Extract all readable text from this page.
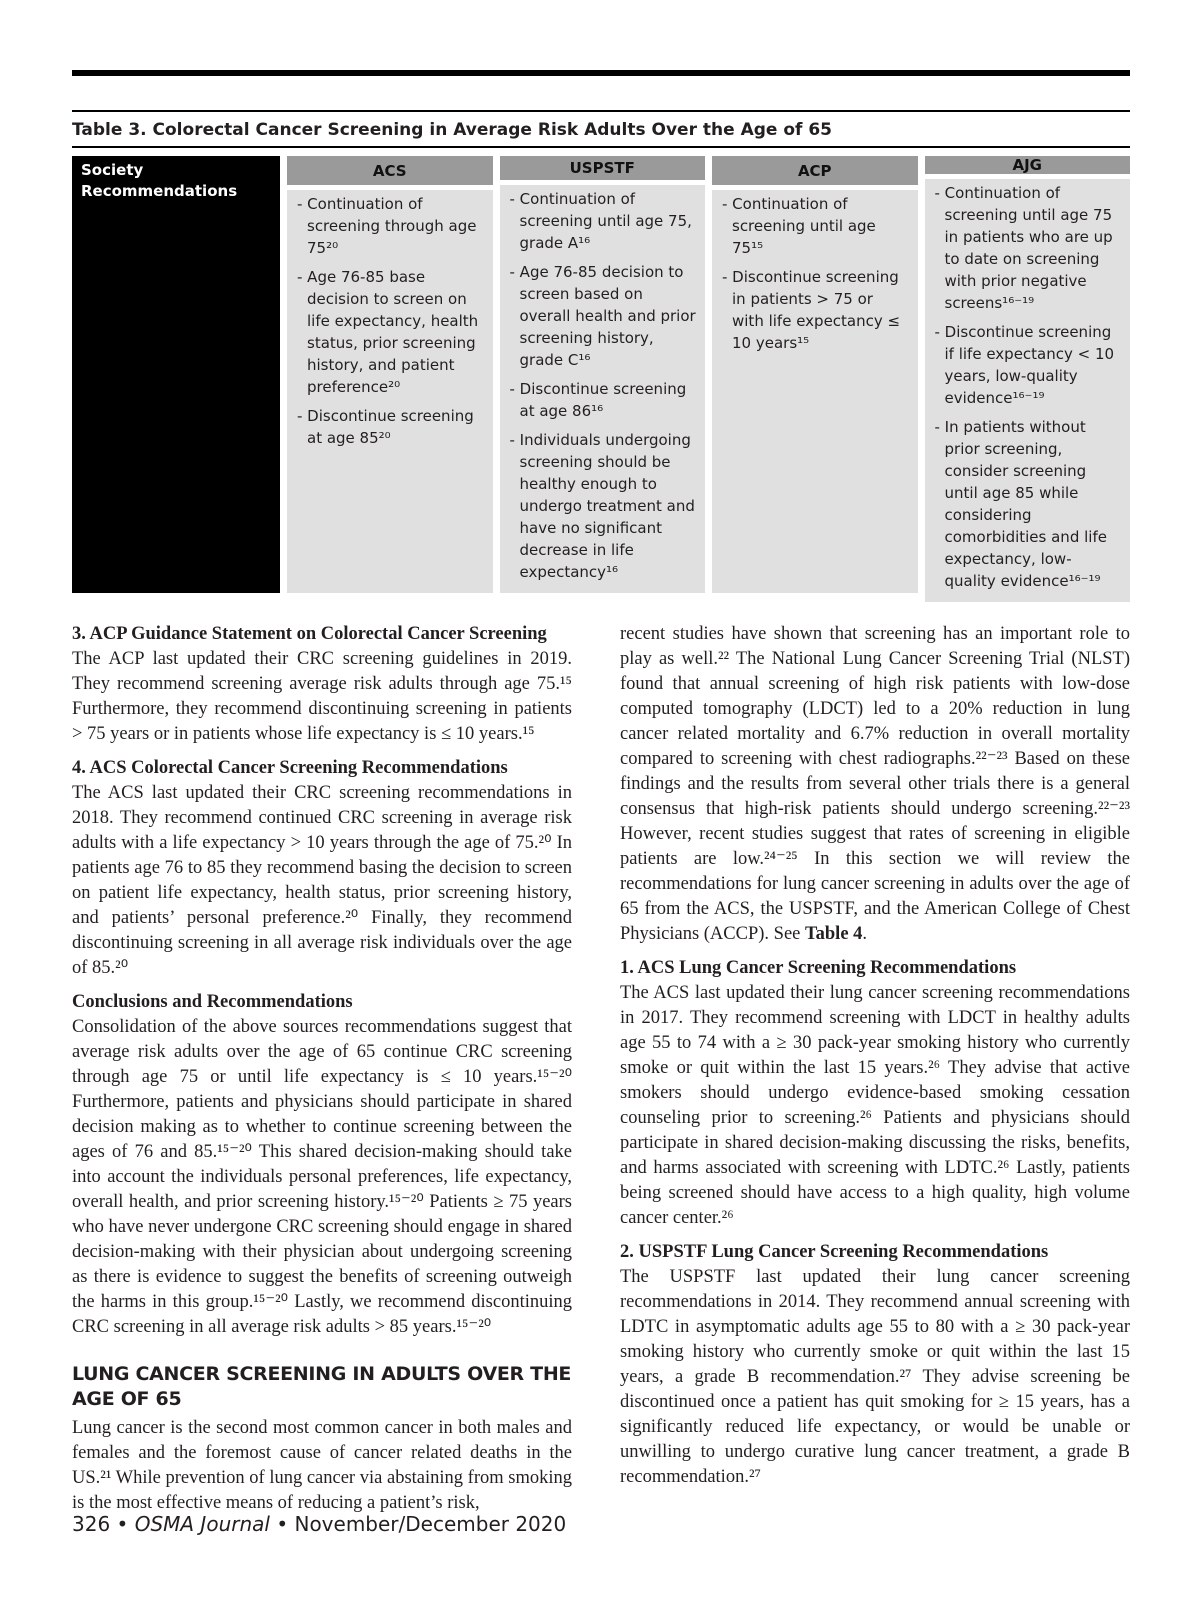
Table 3. Colorectal Cancer Screening in Average Risk Adults Over the Age of 65
Society Recommendations
ACS
- Continuation of screening through age 75²⁰
- Age 76-85 base decision to screen on life expectancy, health status, prior screening history, and patient preference²⁰
- Discontinue screening at age 85²⁰
USPSTF
- Continuation of screening until age 75, grade A¹⁶
- Age 76-85 decision to screen based on overall health and prior screening history, grade C¹⁶
- Discontinue screening at age 86¹⁶
- Individuals undergoing screening should be healthy enough to undergo treatment and have no significant decrease in life expectancy¹⁶
ACP
- Continuation of screening until age 75¹⁵
- Discontinue screening in patients > 75 or with life expectancy ≤ 10 years¹⁵
AJG
- Continuation of screening until age 75 in patients who are up to date on screening with prior negative screens¹⁶⁻¹⁹
- Discontinue screening if life expectancy < 10 years, low-quality evidence¹⁶⁻¹⁹
- In patients without prior screening, consider screening until age 85 while considering comorbidities and life expectancy, low-quality evidence¹⁶⁻¹⁹
3. ACP Guidance Statement on Colorectal Cancer Screening

The ACP last updated their CRC screening guidelines in 2019. They recommend screening average risk adults through age 75.¹⁵ Furthermore, they recommend discontinuing screening in patients > 75 years or in patients whose life expectancy is ≤ 10 years.¹⁵

4. ACS Colorectal Cancer Screening Recommendations

The ACS last updated their CRC screening recommendations in 2018. They recommend continued CRC screening in average risk adults with a life expectancy > 10 years through the age of 75.²⁰ In patients age 76 to 85 they recommend basing the decision to screen on patient life expectancy, health status, prior screening history, and patients’ personal preference.²⁰ Finally, they recommend discontinuing screening in all average risk individuals over the age of 85.²⁰

Conclusions and Recommendations

Consolidation of the above sources recommendations suggest that average risk adults over the age of 65 continue CRC screening through age 75 or until life expectancy is ≤ 10 years.¹⁵⁻²⁰ Furthermore, patients and physicians should participate in shared decision making as to whether to continue screening between the ages of 76 and 85.¹⁵⁻²⁰ This shared decision-making should take into account the individuals personal preferences, life expectancy, overall health, and prior screening history.¹⁵⁻²⁰ Patients ≥ 75 years who have never undergone CRC screening should engage in shared decision-making with their physician about undergoing screening as there is evidence to suggest the benefits of screening outweigh the harms in this group.¹⁵⁻²⁰ Lastly, we recommend discontinuing CRC screening in all average risk adults > 85 years.¹⁵⁻²⁰

LUNG CANCER SCREENING IN ADULTS OVER THE AGE OF 65

Lung cancer is the second most common cancer in both males and females and the foremost cause of cancer related deaths in the US.²¹ While prevention of lung cancer via abstaining from smoking is the most effective means of reducing a patient’s risk,

recent studies have shown that screening has an important role to play as well.²² The National Lung Cancer Screening Trial (NLST) found that annual screening of high risk patients with low-dose computed tomography (LDCT) led to a 20% reduction in lung cancer related mortality and 6.7% reduction in overall mortality compared to screening with chest radiographs.²²⁻²³ Based on these findings and the results from several other trials there is a general consensus that high-risk patients should undergo screening.²²⁻²³ However, recent studies suggest that rates of screening in eligible patients are low.²⁴⁻²⁵ In this section we will review the recommendations for lung cancer screening in adults over the age of 65 from the ACS, the USPSTF, and the American College of Chest Physicians (ACCP). See Table 4.

1. ACS Lung Cancer Screening Recommendations

The ACS last updated their lung cancer screening recommendations in 2017. They recommend screening with LDCT in healthy adults age 55 to 74 with a ≥ 30 pack-year smoking history who currently smoke or quit within the last 15 years.²⁶ They advise that active smokers should undergo evidence-based smoking cessation counseling prior to screening.²⁶ Patients and physicians should participate in shared decision-making discussing the risks, benefits, and harms associated with screening with LDTC.²⁶ Lastly, patients being screened should have access to a high quality, high volume cancer center.²⁶

2. USPSTF Lung Cancer Screening Recommendations

The USPSTF last updated their lung cancer screening recommendations in 2014. They recommend annual screening with LDTC in asymptomatic adults age 55 to 80 with a ≥ 30 pack-year smoking history who currently smoke or quit within the last 15 years, a grade B recommendation.²⁷ They advise screening be discontinued once a patient has quit smoking for ≥ 15 years, has a significantly reduced life expectancy, or would be unable or unwilling to undergo curative lung cancer treatment, a grade B recommendation.²⁷

326 • OSMA Journal • November/December 2020
